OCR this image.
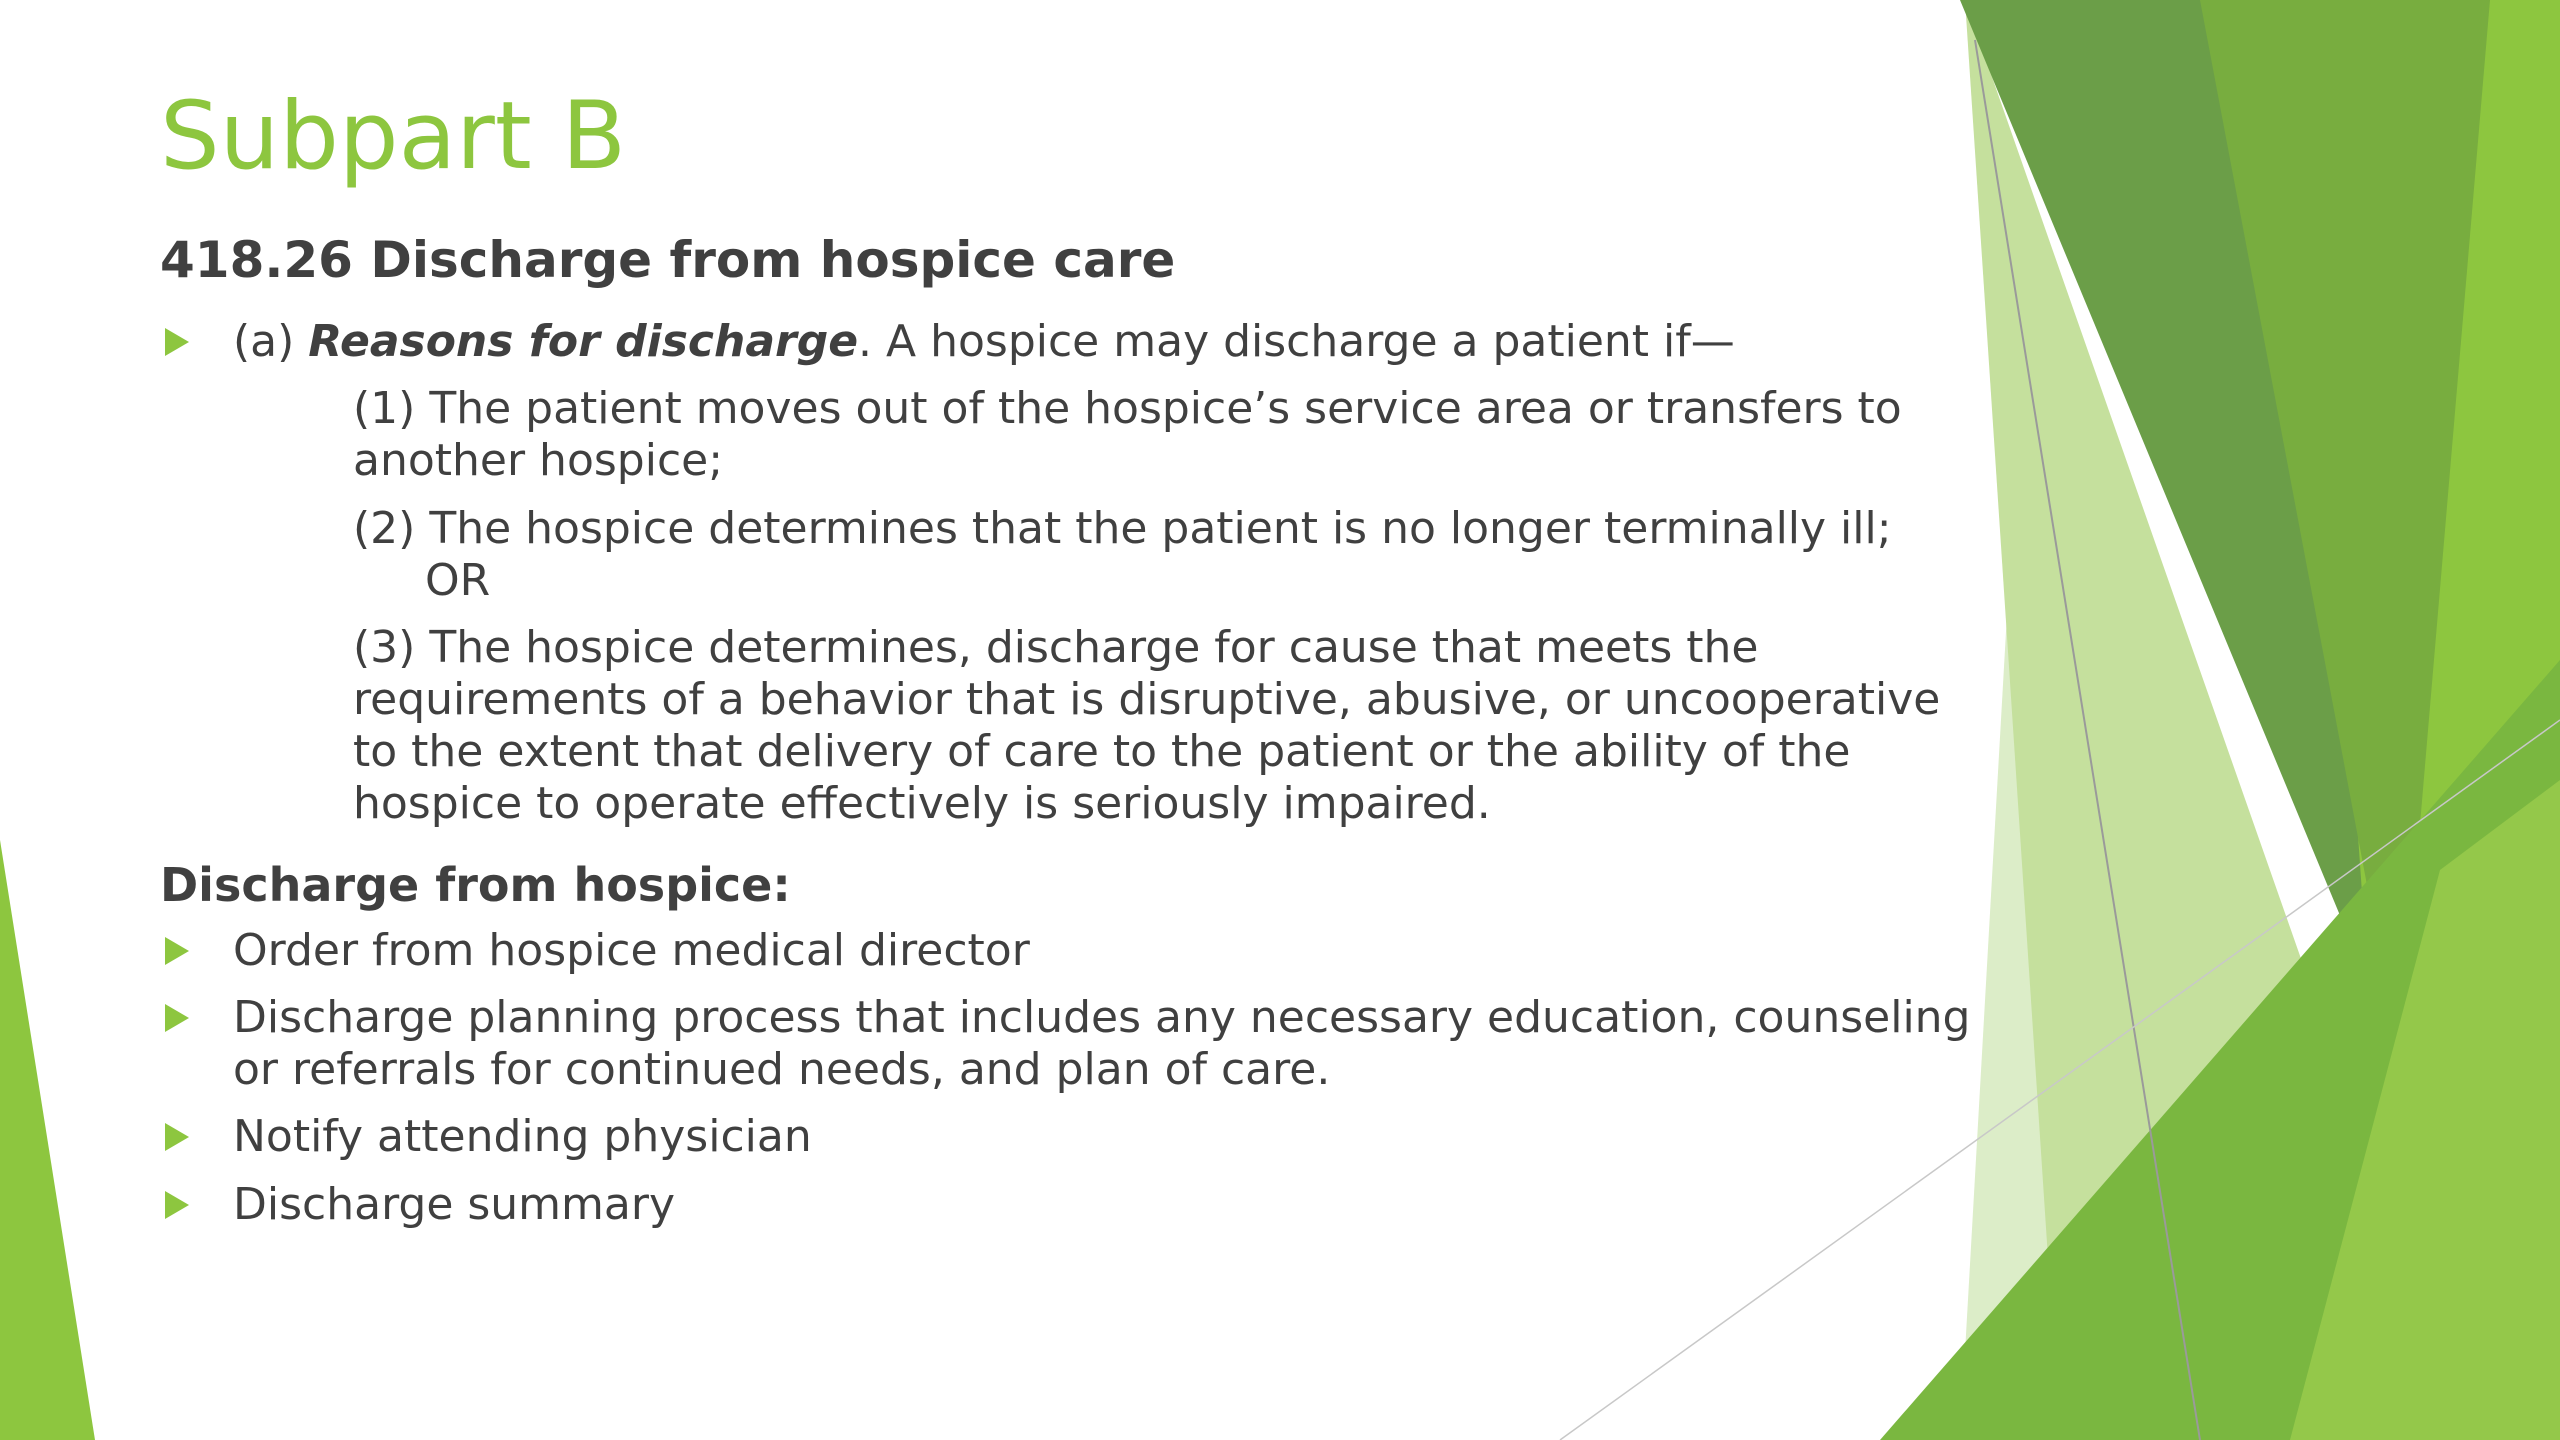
Subpart B
418.26 Discharge from hospice care
(a) Reasons for discharge. A hospice may discharge a patient if—
(1) The patient moves out of the hospice’s service area or transfers to
another hospice;
(2) The hospice determines that the patient is no longer terminally ill;
OR
(3) The hospice determines, discharge for cause that meets the
requirements of a behavior that is disruptive, abusive, or uncooperative
to the extent that delivery of care to the patient or the ability of the
hospice to operate effectively is seriously impaired.
Discharge from hospice:
Order from hospice medical director
Discharge planning process that includes any necessary education, counseling
or referrals for continued needs, and plan of care.
Notify attending physician
Discharge summary
